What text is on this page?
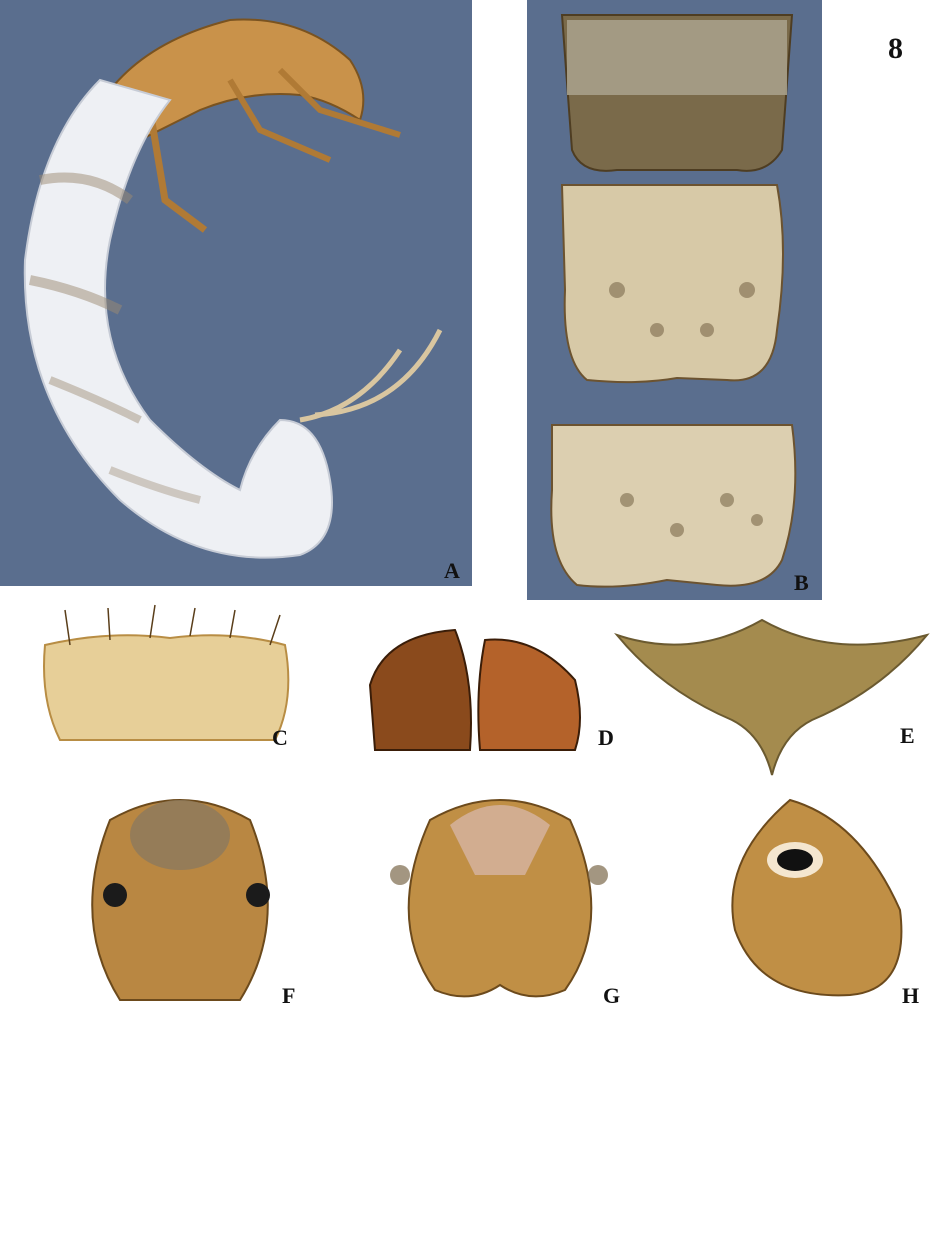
8
A	B
C	D	E
F	G	H
